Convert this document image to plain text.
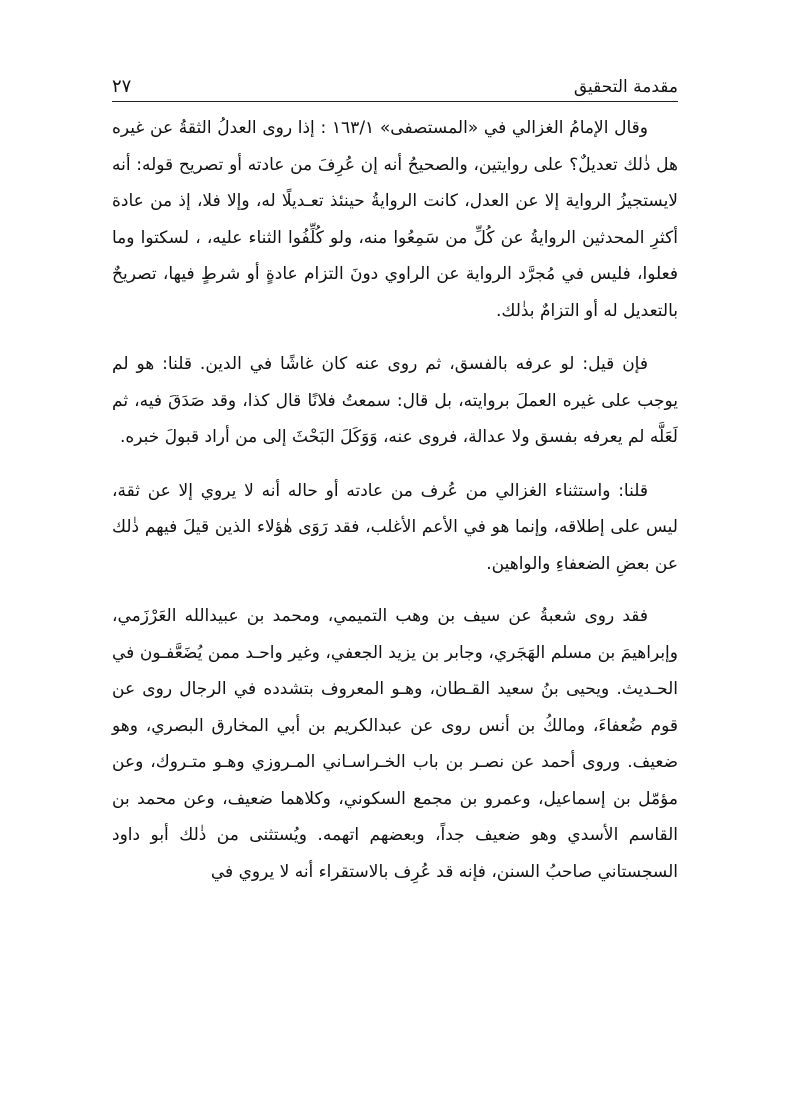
مقدمة التحقيق
٢٧

وقال الإمامُ الغزالي في «المستصفى» ١٦٣/١ : إذا روى العدلُ الثقةُ عن غيره هل ذٰلك تعديلٌ؟ على روايتين، والصحيحُ أنه إن عُرِفَ من عادته أو تصريح قوله: أنه لايستجيزُ الرواية إلا عن العدل، كانت الروايةُ حينئذ تعـديلًا له، وإلا فلا، إذ من عادة أكثرِ المحدثين الروايةُ عن كُلِّ من سَمِعُوا منه، ولو كُلِّفُوا الثناء عليه، ، لسكتوا وما فعلوا، فليس في مُجرَّد الرواية عن الراوي دونَ التزام عادةٍ أو شرطٍ فيها، تصريحٌ بالتعديل له أو التزامٌ بذٰلك.

فإن قيل: لو عرفه بالفسق، ثم روى عنه كان غاشًا في الدين. قلنا: هو لم يوجب على غيره العملَ بروايته، بل قال: سمعتُ فلانًا قال كذا، وقد صَدَقَ فيه، ثم لَعَلَّه لم يعرفه بفسق ولا عدالة، فروى عنه، وَوَكَلَ البَحْثَ إلى من أراد قبولَ خبره.

قلنا: واستثناء الغزالي من عُرف من عادته أو حاله أنه لا يروي إلا عن ثقة، ليس على إطلاقه، وإنما هو في الأعم الأغلب، فقد رَوَى هٰؤلاء الذين قيلَ فيهم ذٰلك عن بعضِ الضعفاءِ والواهين.

فقد روى شعبةُ عن سيف بن وهب التميمي، ومحمد بن عبيدالله العَرْزَمي، وإبراهيمَ بن مسلم الهَجَري، وجابر بن يزيد الجعفي، وغير واحـد ممن يُضَعَّفـون في الحـديث. ويحيى بنُ سعيد القـطان، وهـو المعروف بتشدده في الرجال روى عن قوم ضُعفاءَ، ومالكُ بن أنس روى عن عبدالكريم بن أبي المخارق البصري، وهو ضعيف. وروى أحمد عن نصـر بن باب الخـراسـاني المـروزي وهـو متـروك، وعن مؤمّل بن إسماعيل، وعمرو بن مجمع السكوني، وكلاهما ضعيف، وعن محمد بن القاسم الأسدي وهو ضعيف جداً، وبعضهم اتهمه. ويُستثنى من ذٰلك أبو داود السجستاني صاحبُ السنن، فإنه قد عُرِف بالاستقراء أنه لا يروي في
